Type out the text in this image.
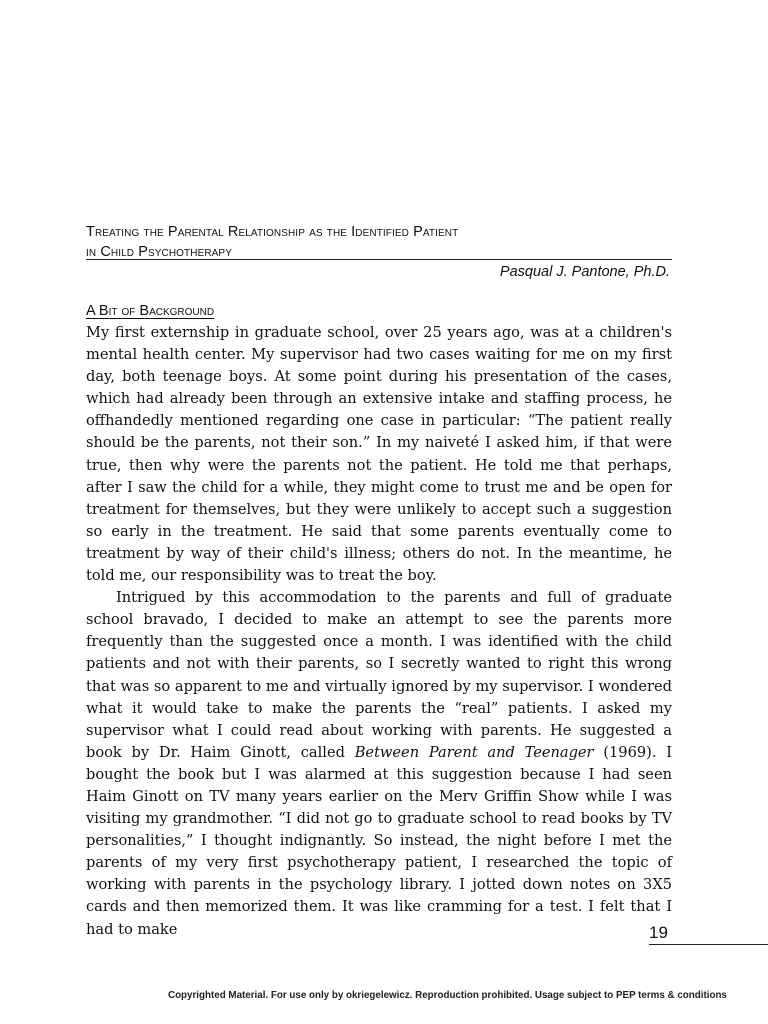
Treating the Parental Relationship as the Identified Patient
in Child Psychotherapy
Pasqual J. Pantone, Ph.D.
A Bit of Background

My first externship in graduate school, over 25 years ago, was at a children's mental health center. My supervisor had two cases waiting for me on my first day, both teenage boys. At some point during his presentation of the cases, which had already been through an extensive intake and staffing process, he offhandedly mentioned regarding one case in particular: “The patient really should be the parents, not their son.” In my naiveté I asked him, if that were true, then why were the parents not the patient. He told me that perhaps, after I saw the child for a while, they might come to trust me and be open for treatment for themselves, but they were unlikely to accept such a suggestion so early in the treatment. He said that some parents eventually come to treatment by way of their child's illness; others do not. In the meantime, he told me, our responsibility was to treat the boy.

Intrigued by this accommodation to the parents and full of graduate school bravado, I decided to make an attempt to see the parents more frequently than the suggested once a month. I was identified with the child patients and not with their parents, so I secretly wanted to right this wrong that was so apparent to me and virtually ignored by my supervisor. I wondered what it would take to make the parents the “real” patients. I asked my supervisor what I could read about working with parents. He suggested a book by Dr. Haim Ginott, called Between Parent and Teenager (1969). I bought the book but I was alarmed at this suggestion because I had seen Haim Ginott on TV many years earlier on the Merv Griffin Show while I was visiting my grandmother. “I did not go to graduate school to read books by TV personalities,” I thought indignantly. So instead, the night before I met the parents of my very first psychotherapy patient, I researched the topic of working with parents in the psychology library. I jotted down notes on 3X5 cards and then memorized them. It was like cramming for a test. I felt that I had to make	19
Copyrighted Material. For use only by okriegelewicz. Reproduction prohibited. Usage subject to PEP terms & conditions
